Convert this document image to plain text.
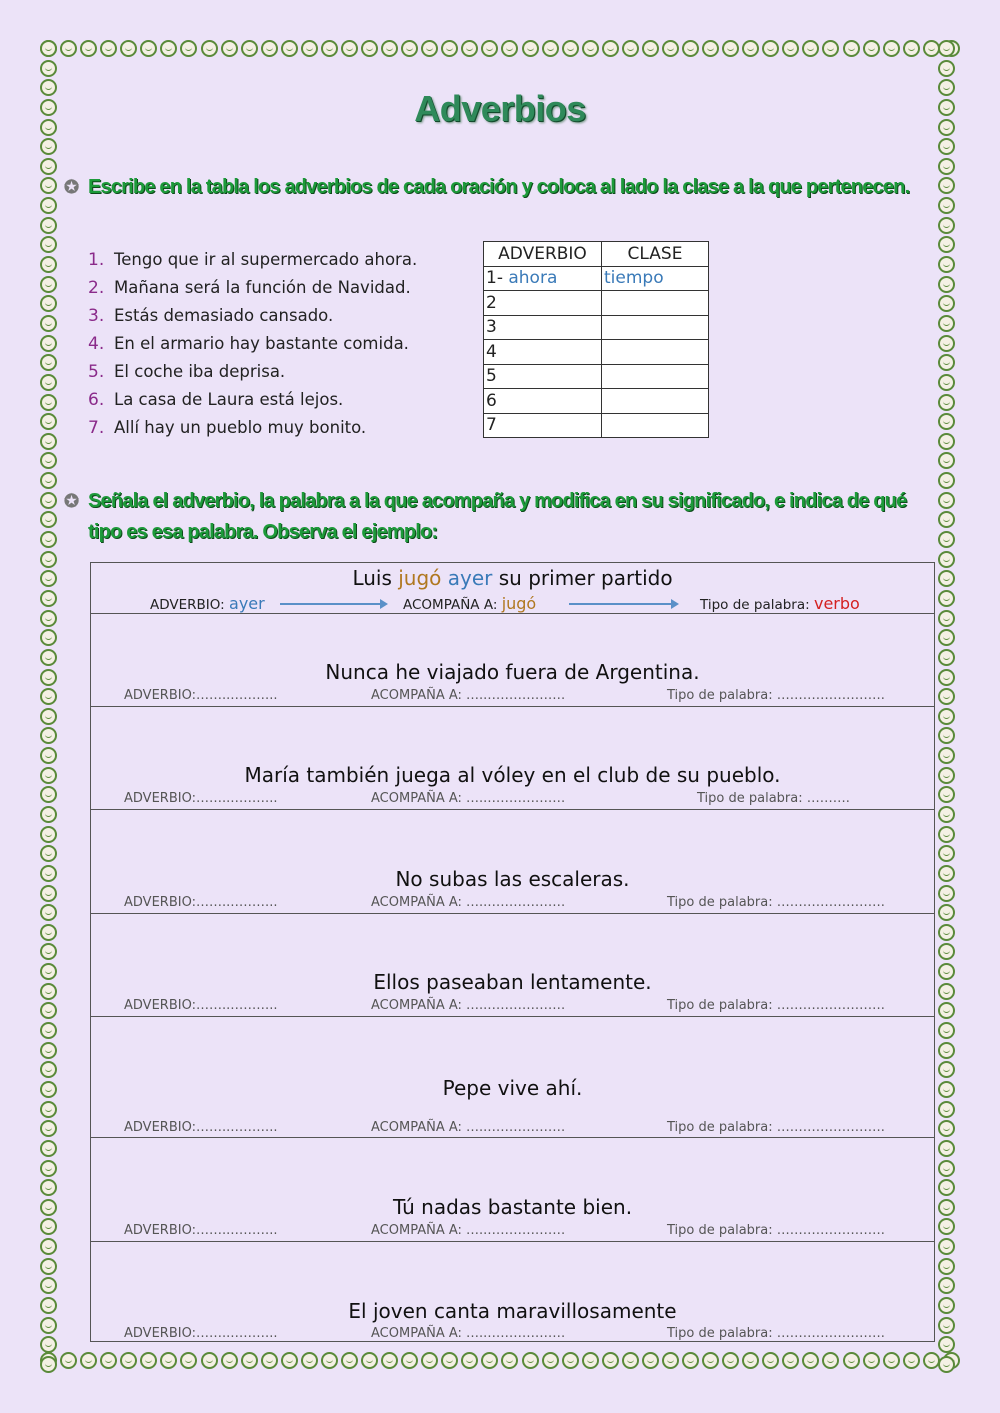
Adverbios
✪ Escribe en la tabla los adverbios de cada oración y coloca al lado la clase a la que pertenecen.
1. Tengo que ir al supermercado ahora.
2. Mañana será la función de Navidad.
3. Estás demasiado cansado.
4. En el armario hay bastante comida.
5. El coche iba deprisa.
6. La casa de Laura está lejos.
7. Allí hay un pueblo muy bonito.
ADVERBIO	CLASE
1- ahora	tiempo
2	
3	
4	
5	
6	
7	
✪ Señala el adverbio, la palabra a la que acompaña y modifica en su significado, e indica de qué tipo es esa palabra. Observa el ejemplo:
Luis jugó ayer su primer partido
ADVERBIO: ayer	ACOMPAÑA A: jugó	Tipo de palabra: verbo
Nunca he viajado fuera de Argentina.
ADVERBIO:……..………..	ACOMPAÑA A: …..………………	Tipo de palabra: …………………….
María también juega al vóley en el club de su pueblo.
ADVERBIO:……..………..	ACOMPAÑA A: …..………………	Tipo de palabra: ……….
No subas las escaleras.
ADVERBIO:……..………..	ACOMPAÑA A: …..………………	Tipo de palabra: …………………….
Ellos paseaban lentamente.
ADVERBIO:……..………..	ACOMPAÑA A: …..………………	Tipo de palabra: …………………….
Pepe vive ahí.
ADVERBIO:……..………..	ACOMPAÑA A: …..………………	Tipo de palabra: …………………….
Tú nadas bastante bien.
ADVERBIO:……..………..	ACOMPAÑA A: …..………………	Tipo de palabra: …………………….
El joven canta maravillosamente
ADVERBIO:……..………..	ACOMPAÑA A: …..………………	Tipo de palabra: …………………….
